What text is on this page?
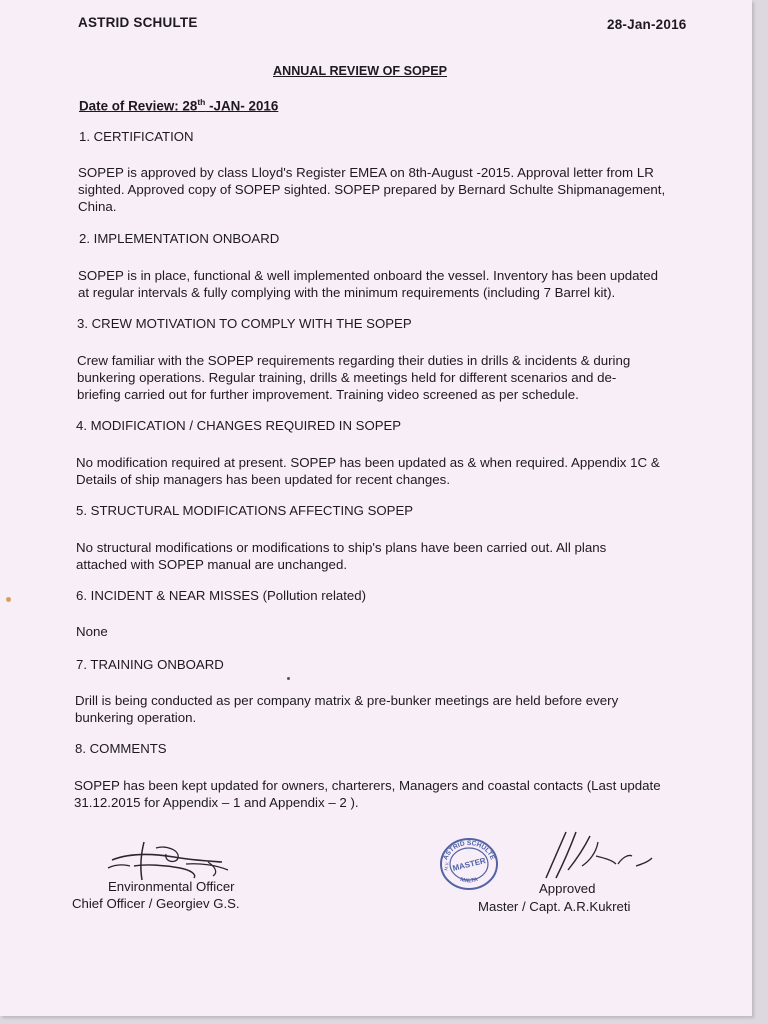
ASTRID SCHULTE	28-Jan-2016
ANNUAL REVIEW OF SOPEP
Date of Review: 28th -JAN- 2016
1. CERTIFICATION
SOPEP is approved by class Lloyd's Register EMEA on 8th-August -2015. Approval letter from LR
sighted. Approved copy of SOPEP sighted. SOPEP prepared by Bernard Schulte Shipmanagement,
China.
2. IMPLEMENTATION ONBOARD
SOPEP is in place, functional & well implemented onboard the vessel. Inventory has been updated
at regular intervals & fully complying with the minimum requirements (including 7 Barrel kit).
3. CREW MOTIVATION TO COMPLY WITH THE SOPEP
Crew familiar with the SOPEP requirements regarding their duties in drills & incidents & during
bunkering operations. Regular training, drills & meetings held for different scenarios and de-
briefing carried out for further improvement. Training video screened as per schedule.
4. MODIFICATION / CHANGES REQUIRED IN SOPEP
No modification required at present. SOPEP has been updated as & when required. Appendix 1C &
Details of ship managers has been updated for recent changes.
5. STRUCTURAL MODIFICATIONS AFFECTING SOPEP
No structural modifications or modifications to ship's plans have been carried out. All plans
attached with SOPEP manual are unchanged.
6. INCIDENT & NEAR MISSES (Pollution related)
None
7. TRAINING ONBOARD
Drill is being conducted as per company matrix & pre-bunker meetings are held before every
bunkering operation.
8. COMMENTS
SOPEP has been kept updated for owners, charterers, Managers and coastal contacts (Last update
31.12.2015 for Appendix – 1 and Appendix – 2 ).
Environmental Officer
Chief Officer / Georgiev G.S.
ASTRID SCHULTE
MALTA
MASTER
M.V.
Approved
Master / Capt. A.R.Kukreti
